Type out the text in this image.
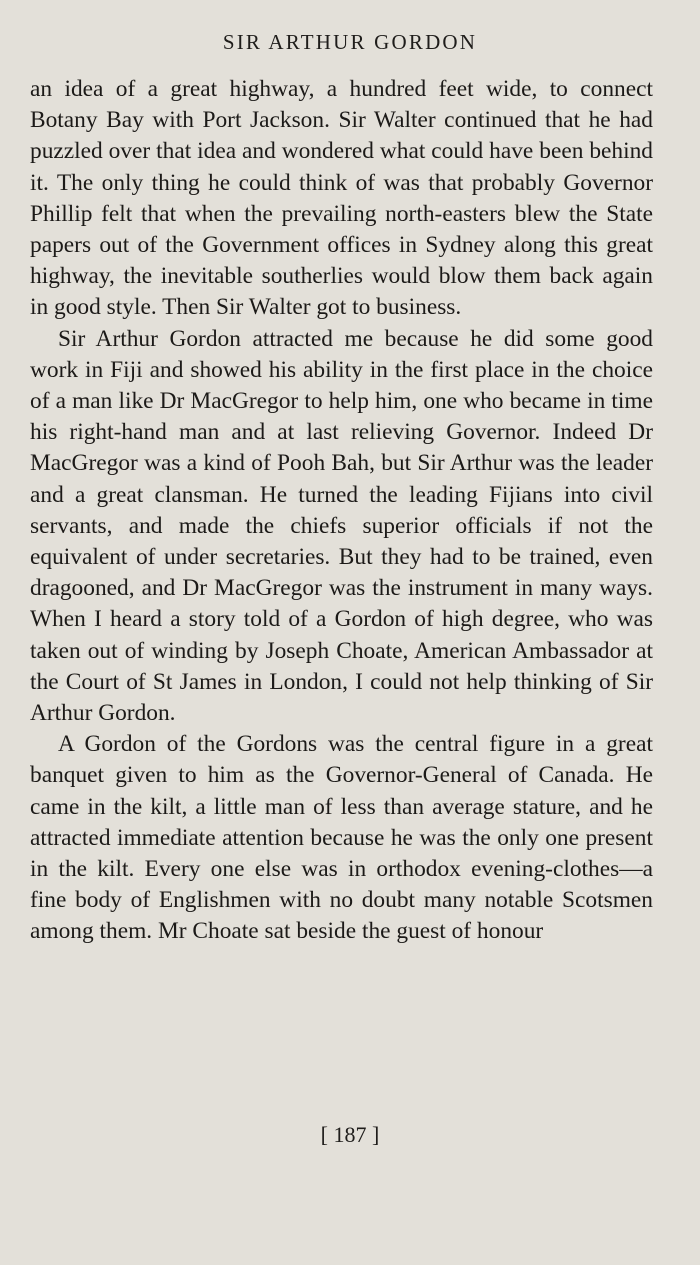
SIR ARTHUR GORDON

an idea of a great highway, a hundred feet wide, to connect Botany Bay with Port Jackson. Sir Walter continued that he had puzzled over that idea and wondered what could have been behind it. The only thing he could think of was that probably Governor Phillip felt that when the prevailing north-easters blew the State papers out of the Government offices in Sydney along this great highway, the inevitable southerlies would blow them back again in good style. Then Sir Walter got to business.

Sir Arthur Gordon attracted me because he did some good work in Fiji and showed his ability in the first place in the choice of a man like Dr MacGregor to help him, one who became in time his right-hand man and at last relieving Governor. Indeed Dr MacGregor was a kind of Pooh Bah, but Sir Arthur was the leader and a great clansman. He turned the leading Fijians into civil servants, and made the chiefs superior officials if not the equivalent of under secretaries. But they had to be trained, even dragooned, and Dr MacGregor was the instrument in many ways. When I heard a story told of a Gordon of high degree, who was taken out of winding by Joseph Choate, American Ambassador at the Court of St James in London, I could not help thinking of Sir Arthur Gordon.

A Gordon of the Gordons was the central figure in a great banquet given to him as the Governor-General of Canada. He came in the kilt, a little man of less than average stature, and he attracted immediate attention because he was the only one present in the kilt. Every one else was in orthodox evening-clothes—a fine body of Englishmen with no doubt many notable Scotsmen among them. Mr Choate sat beside the guest of honour

[ 187 ]
